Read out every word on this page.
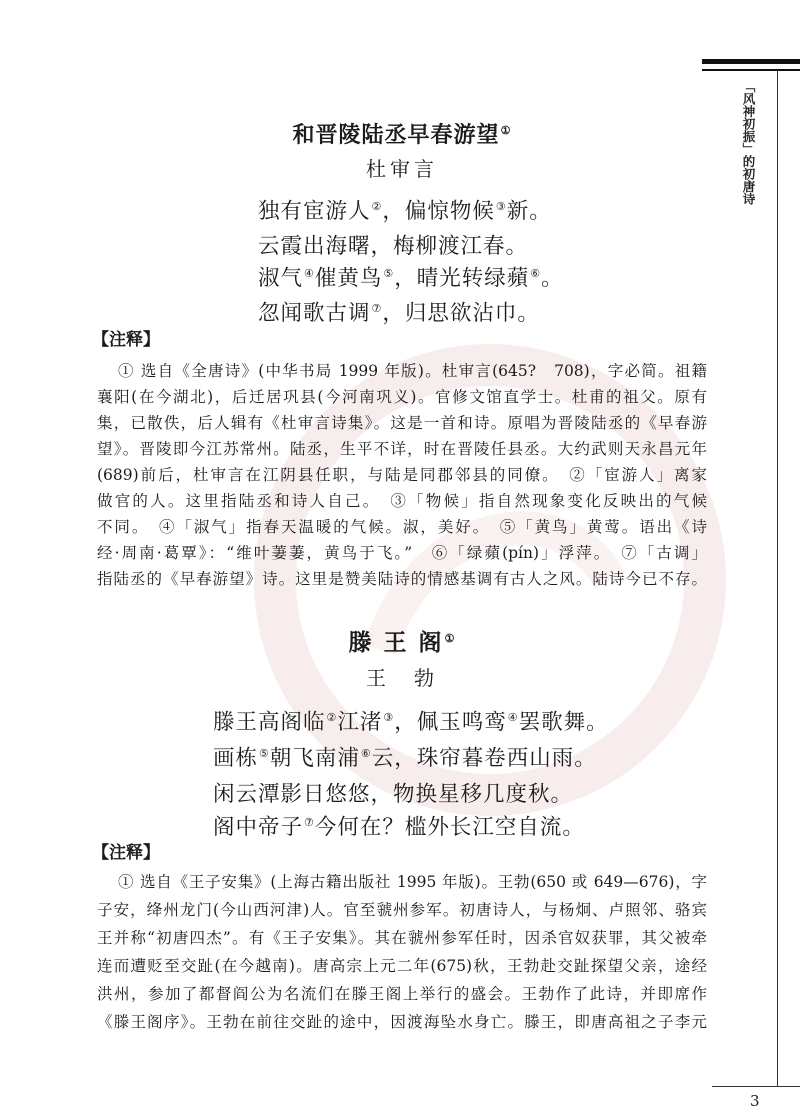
「风神初振」的初唐诗
和晋陵陆丞早春游望①
杜审言
独有宦游人②，偏惊物候③新。
云霞出海曙，梅柳渡江春。
淑气④催黄鸟⑤，晴光转绿蘋⑥。
忽闻歌古调⑦，归思欲沾巾。
【注释】
① 选自《全唐诗》(中华书局 1999 年版)。杜审言(645?　708)，字必简。祖籍
襄阳(在今湖北)，后迁居巩县(今河南巩义)。官修文馆直学士。杜甫的祖父。原有
集，已散佚，后人辑有《杜审言诗集》。这是一首和诗。原唱为晋陵陆丞的《早春游
望》。晋陵即今江苏常州。陆丞，生平不详，时在晋陵任县丞。大约武则天永昌元年
(689)前后，杜审言在江阴县任职，与陆是同郡邻县的同僚。　②「宦游人」离家
做官的人。这里指陆丞和诗人自己。　③「物候」指自然现象变化反映出的气候
不同。　④「淑气」指春天温暖的气候。淑，美好。　⑤「黄鸟」黄莺。语出《诗
经·周南·葛覃》：“维叶萋萋，黄鸟于飞。”　⑥「绿蘋(pín)」浮萍。　⑦「古调」
指陆丞的《早春游望》诗。这里是赞美陆诗的情感基调有古人之风。陆诗今已不存。
滕 王 阁①
王　勃
滕王高阁临②江渚③，佩玉鸣鸾④罢歌舞。
画栋⑤朝飞南浦⑥云，珠帘暮卷西山雨。
闲云潭影日悠悠，物换星移几度秋。
阁中帝子⑦今何在？槛外长江空自流。
【注释】
① 选自《王子安集》(上海古籍出版社 1995 年版)。王勃(650 或 649—676)，字
子安，绛州龙门(今山西河津)人。官至虢州参军。初唐诗人，与杨炯、卢照邻、骆宾
王并称“初唐四杰”。有《王子安集》。其在虢州参军任时，因杀官奴获罪，其父被牵
连而遭贬至交趾(在今越南)。唐高宗上元二年(675)秋，王勃赴交趾探望父亲，途经
洪州，参加了都督阎公为名流们在滕王阁上举行的盛会。王勃作了此诗，并即席作
《滕王阁序》。王勃在前往交趾的途中，因渡海坠水身亡。滕王，即唐高祖之子李元
3
